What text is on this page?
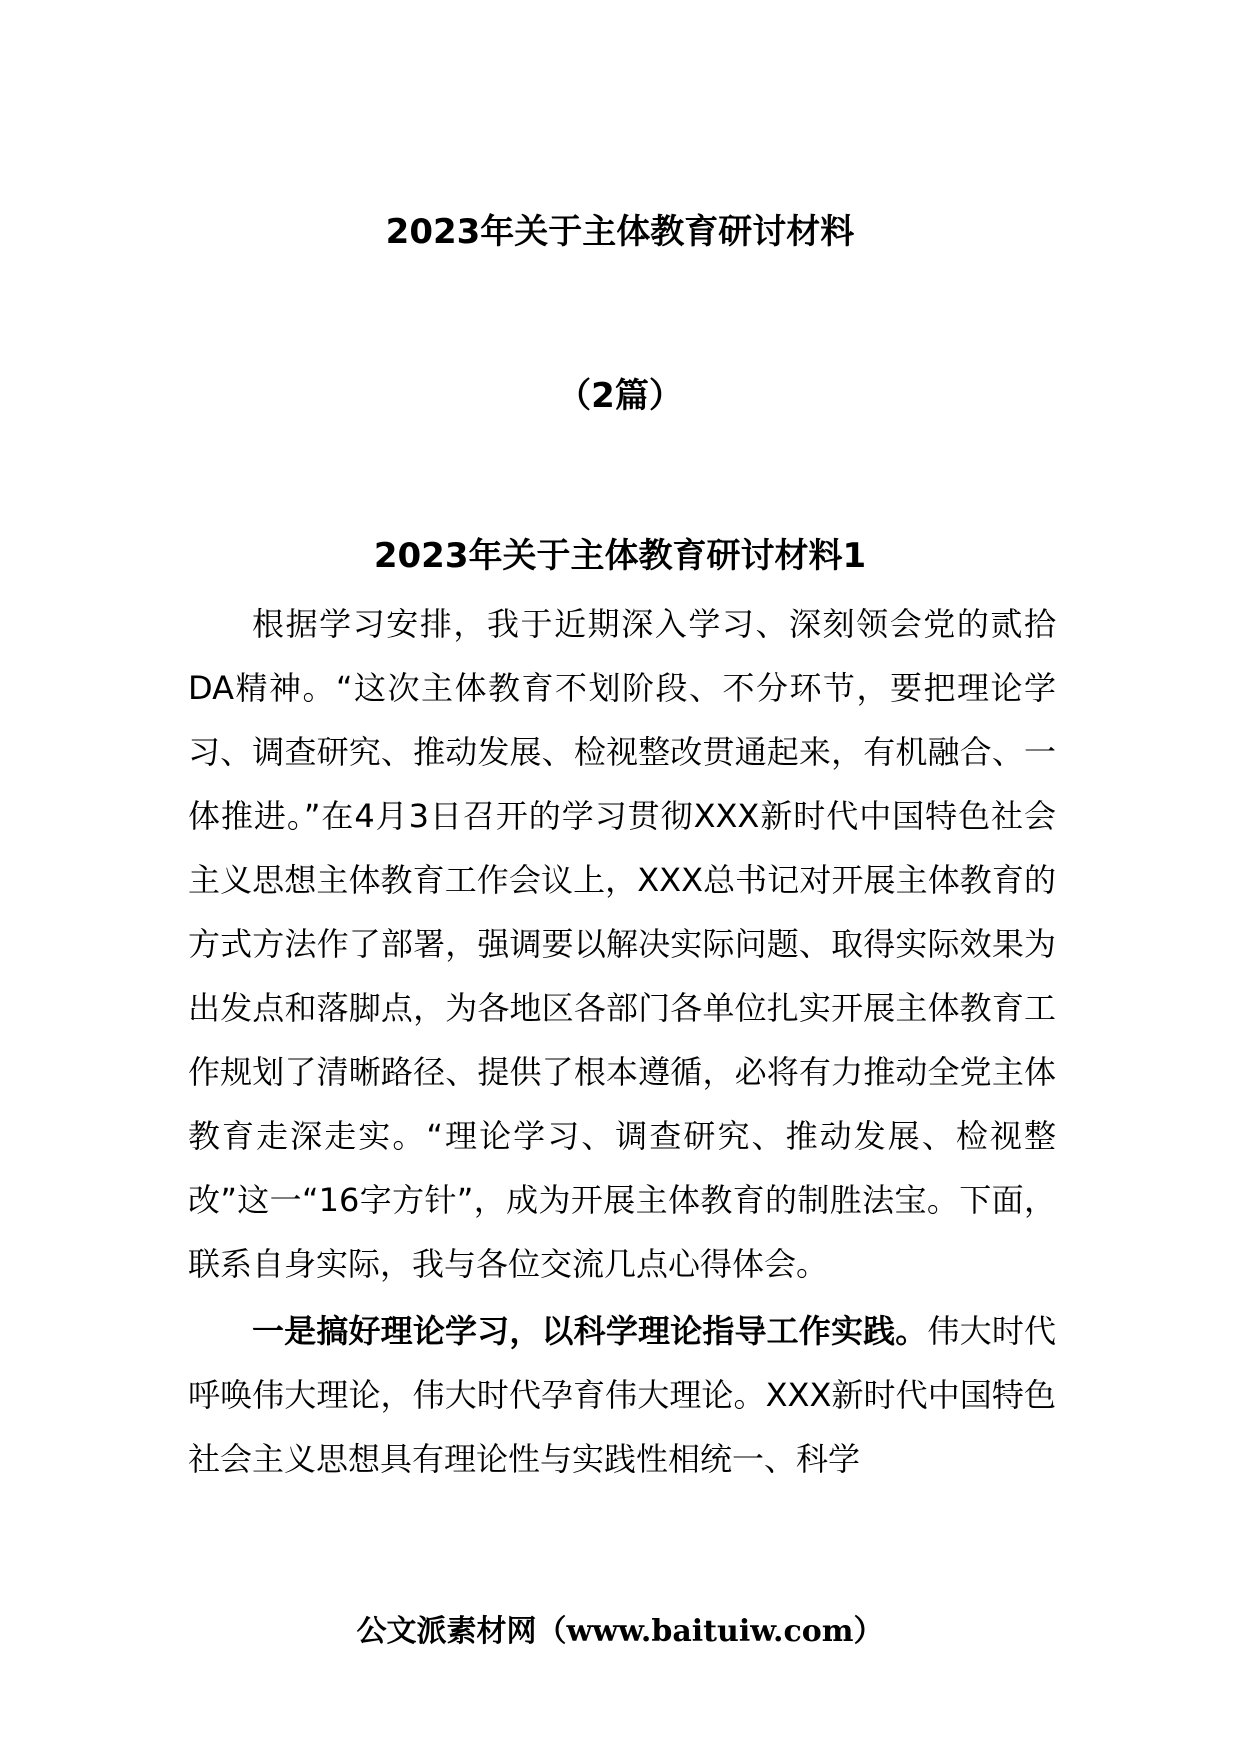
2023年关于主体教育研讨材料
（2篇）
2023年关于主体教育研讨材料1

根据学习安排，我于近期深入学习、深刻领会党的贰拾DA精神。“这次主体教育不划阶段、不分环节，要把理论学习、调查研究、推动发展、检视整改贯通起来，有机融合、一体推进。”在4月3日召开的学习贯彻XXX新时代中国特色社会主义思想主体教育工作会议上，XXX总书记对开展主体教育的方式方法作了部署，强调要以解决实际问题、取得实际效果为出发点和落脚点，为各地区各部门各单位扎实开展主体教育工作规划了清晰路径、提供了根本遵循，必将有力推动全党主体教育走深走实。“理论学习、调查研究、推动发展、检视整改”这一“16字方针”，成为开展主体教育的制胜法宝。下面，联系自身实际，我与各位交流几点心得体会。

一是搞好理论学习，以科学理论指导工作实践。伟大时代呼唤伟大理论，伟大时代孕育伟大理论。XXX新时代中国特色社会主义思想具有理论性与实践性相统一、科学

公文派素材网（www.baituiw.com）
